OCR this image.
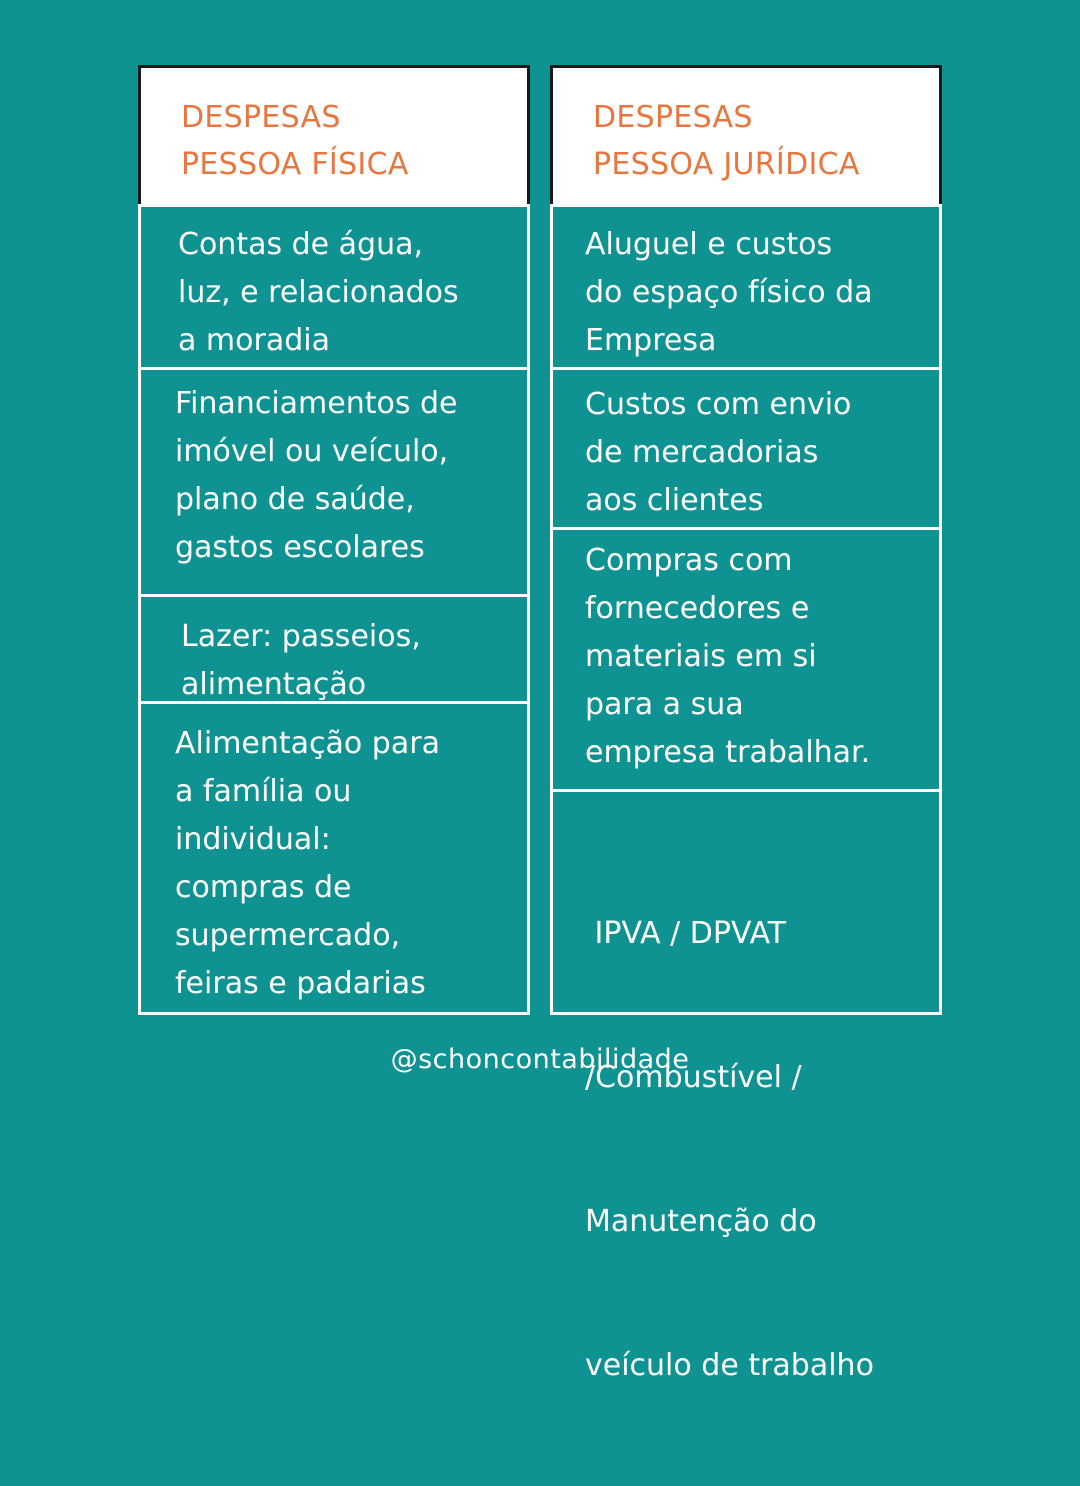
DESPESAS
PESSOA FÍSICA
Contas de água,
luz, e relacionados
a moradia
Financiamentos de
imóvel ou veículo,
plano de saúde,
gastos escolares
Lazer: passeios,
alimentação
Alimentação para
a família ou
individual:
compras de
supermercado,
feiras e padarias
DESPESAS
PESSOA JURÍDICA
Aluguel e custos
do espaço físico da
Empresa
Custos com envio
de mercadorias
aos clientes
Compras com
fornecedores e
materiais em si
para a sua
empresa trabalhar.

IPVA / DPVAT

/Combustível /

Manutenção do

veículo de trabalho

@schoncontabilidade
